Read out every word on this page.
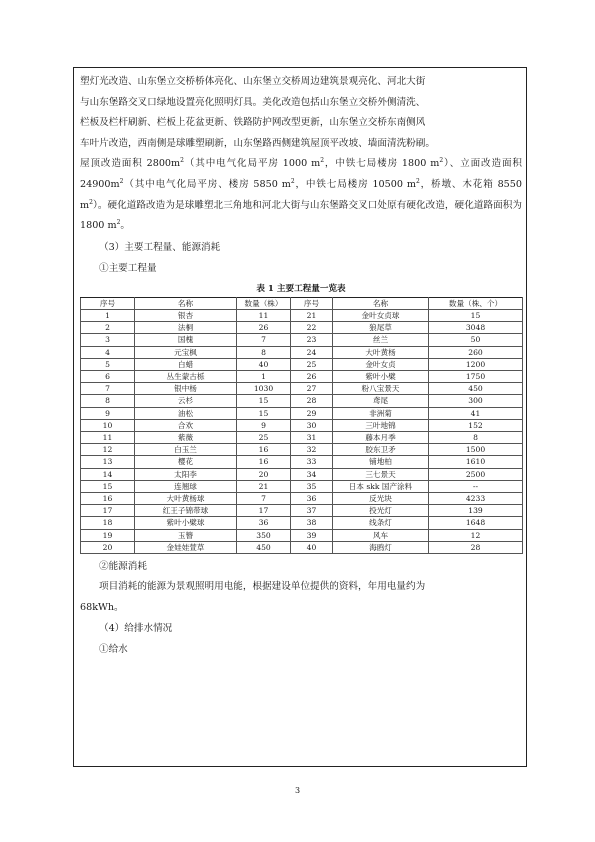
塑灯光改造、山东堡立交桥桥体亮化、山东堡立交桥周边建筑景观亮化、河北大街

与山东堡路交叉口绿地设置亮化照明灯具。美化改造包括山东堡立交桥外侧清洗、

栏板及栏杆刷新、栏板上花盆更新、铁路防护网改型更新，山东堡立交桥东南侧风

车叶片改造，西南侧是球雕塑刷新，山东堡路西侧建筑屋顶平改坡、墙面清洗粉刷。

屋顶改造面积 $2800m^2$（其中电气化局平房 1000 $m^2$，中铁七局楼房 1800 $m^2$）、立面改造面积 $24900m^2$（其中电气化局平房、楼房 5850 $m^2$，中铁七局楼房 10500 $m^2$，桥墩、木花箱 8550 $m^2$）。硬化道路改造为是球雕塑北三角地和河北大街与山东堡路交叉口处原有硬化改造，硬化道路面积为 1800 $m^2$。

（3）主要工程量、能源消耗

①主要工程量

表 1 主要工程量一览表
序号	名称	数量（株）	序号	名称	数量（株、个）
1	银杏	11	21	金叶女贞球	15
2	法桐	26	22	狼尾草	3048
3	国槐	7	23	丝兰	50
4	元宝枫	8	24	大叶黄杨	260
5	白蜡	40	25	金叶女贞	1200
6	丛生蒙古栎	1	26	紫叶小檗	1750
7	银中杨	1030	27	粉八宝景天	450
8	云杉	15	28	鸢尾	300
9	油松	15	29	非洲菊	41
10	合欢	9	30	三叶地锦	152
11	紫薇	25	31	藤本月季	8
12	白玉兰	16	32	胶东卫矛	1500
13	樱花	16	33	铺地柏	1610
14	太阳李	20	34	三七景天	2500
15	连翘球	21	35	日本 skk 国产涂料	--
16	大叶黄杨球	7	36	反光块	4233
17	红王子锦带球	17	37	投光灯	139
18	紫叶小檗球	36	38	线条灯	1648
19	玉簪	350	39	风车	12
20	金娃娃萱草	450	40	海鸥灯	28

②能源消耗

项目消耗的能源为景观照明用电能，根据建设单位提供的资料，年用电量约为

68kWh。

（4）给排水情况

①给水

3
